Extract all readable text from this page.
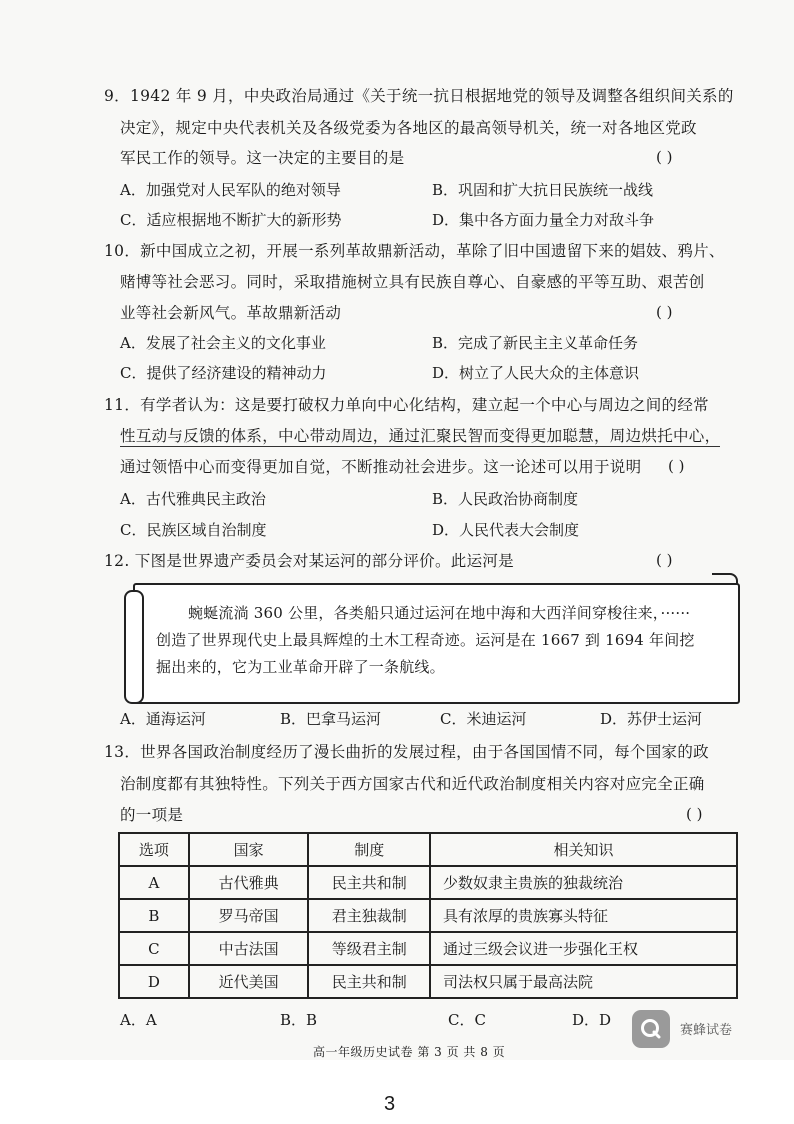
9．1942 年 9 月，中央政治局通过《关于统一抗日根据地党的领导及调整各组织间关系的
决定》，规定中央代表机关及各级党委为各地区的最高领导机关，统一对各地区党政
军民工作的领导。这一决定的主要目的是	( )
A．加强党对人民军队的绝对领导	B．巩固和扩大抗日民族统一战线
C．适应根据地不断扩大的新形势	D．集中各方面力量全力对敌斗争
10．新中国成立之初，开展一系列革故鼎新活动，革除了旧中国遗留下来的娼妓、鸦片、
赌博等社会恶习。同时，采取措施树立具有民族自尊心、自豪感的平等互助、艰苦创
业等社会新风气。革故鼎新活动	( )
A．发展了社会主义的文化事业	B．完成了新民主主义革命任务
C．提供了经济建设的精神动力	D．树立了人民大众的主体意识
11．有学者认为：这是要打破权力单向中心化结构，建立起一个中心与周边之间的经常
性互动与反馈的体系，中心带动周边，通过汇聚民智而变得更加聪慧，周边烘托中心，
通过领悟中心而变得更加自觉，不断推动社会进步。这一论述可以用于说明 ( )
A．古代雅典民主政治	B．人民政治协商制度
C．民族区域自治制度	D．人民代表大会制度
12. 下图是世界遗产委员会对某运河的部分评价。此运河是	( )
蜿蜒流淌 360 公里，各类船只通过运河在地中海和大西洋间穿梭往来，······
创造了世界现代史上最具辉煌的土木工程奇迹。运河是在 1667 到 1694 年间挖
掘出来的，它为工业革命开辟了一条航线。
A．通海运河	B．巴拿马运河	C．米迪运河	D．苏伊士运河
13．世界各国政治制度经历了漫长曲折的发展过程，由于各国国情不同，每个国家的政
治制度都有其独特性。下列关于西方国家古代和近代政治制度相关内容对应完全正确
的一项是	( )
选项	国家	制度	相关知识
A	古代雅典	民主共和制	少数奴隶主贵族的独裁统治
B	罗马帝国	君主独裁制	具有浓厚的贵族寡头特征
C	中古法国	等级君主制	通过三级会议进一步强化王权
D	近代美国	民主共和制	司法权只属于最高法院
A．A	B．B	C．C	D．D
赛蜂试卷
高一年级历史试卷 第 3 页 共 8 页
3
